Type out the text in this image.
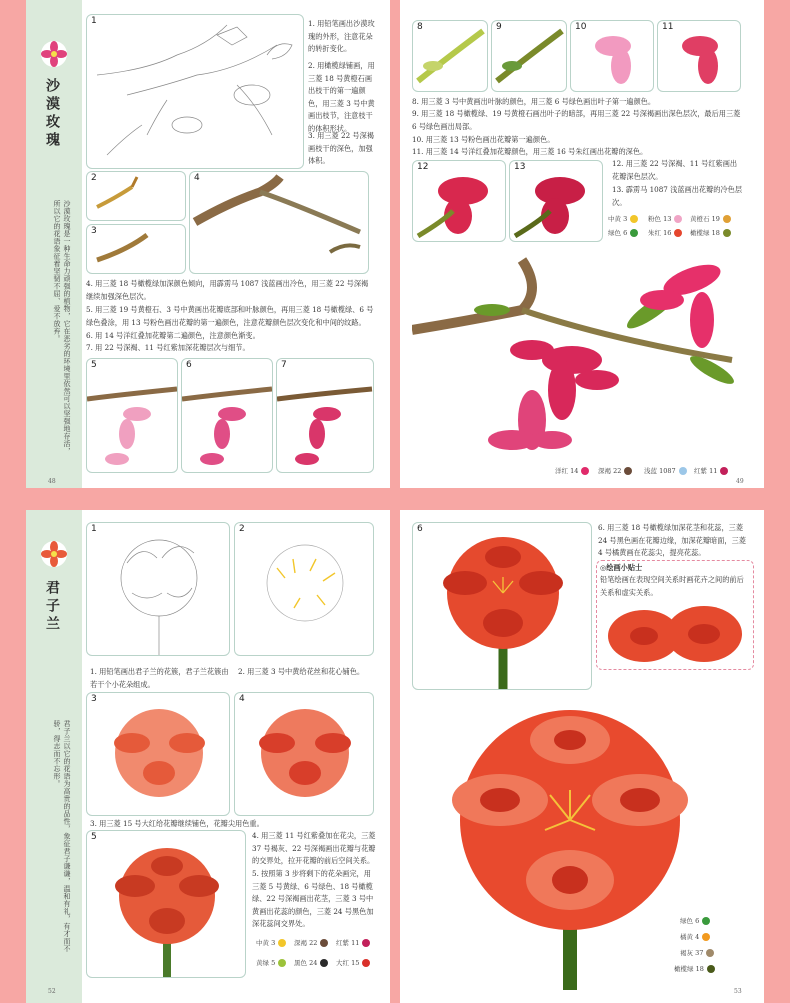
沙漠玫瑰
沙漠玫瑰是一种生命力顽强的植物，它在恶劣的环境里依然可以坚强地存活，所以它的花语象征着坚韧不屈、爱不放弃。
48
1	1. 用铅笔画出沙漠玫瑰的外形，注意花朵的转折变化。
2. 用橄榄绿铺画，用三菱 18 号黄橙石画出枝干的第一遍颜色，用三菱 3 号中黄画出枝节，注意枝干的体积形状。
3. 用三菱 22 号深褐画枝干的深色，加强体积。
2
3
4
4. 用三菱 18 号橄榄绿加深颜色倾向，用霹雳马 1087 浅蓝画出冷色，用三菱 22 号深褐继续加强深色层次。
5. 用三菱 19 号黄橙石、3 号中黄画出花瓣底部和叶脉颜色，再用三菱 18 号橄榄绿、6 号绿色叠涂，用 13 号粉色画出花瓣的第一遍颜色，注意花瓣颜色层次变化和中间的纹路。
6. 用 14 号洋红叠加花瓣第二遍颜色，注意颜色渐变。
7. 用 22 号深褐、11 号红紫加深花瓣层次与细节。
5	6	7
8	9	10	11
8. 用三菱 3 号中黄画出叶脉的颜色，用三菱 6 号绿色画出叶子第一遍颜色。
9. 用三菱 18 号橄榄绿、19 号黄橙石画出叶子的暗部，再用三菱 22 号深褐画出深色层次，最后用三菱 6 号绿色画出局部。
10. 用三菱 13 号粉色画出花瓣第一遍颜色。
11. 用三菱 14 号洋红叠加花瓣颜色，用三菱 16 号朱红画出花瓣的深色。
12	13	12. 用三菱 22 号深褐、11 号红紫画出花瓣深色层次。
13. 霹雳马 1087 浅蓝画出花瓣的冷色层次。
中黄 3	粉色 13	黄橙石 19
绿色 6	朱红 16	橄榄绿 18
洋红 14	深褐 22	浅蓝 1087	红紫 11
49
君子兰
君子兰以它的花语为高贵的品性，象征君子谦谦，温和有礼，有才而不骄，得志而不忘形。
52
1	2
1. 用铅笔画出君子兰的花簇，君子兰花簇由若干个小花朵组成。
2. 用三菱 3 号中黄给花丝和花心铺色。
3	4
3. 用三菱 15 号大红给花瓣继续铺色，花瓣尖用色重。
5	4. 用三菱 11 号红紫叠加在花尖，三菱 37 号褐灰、22 号深褐画出花瓣与花瓣的交界处，拉开花瓣的前后空间关系。
5. 按照第 3 步将剩下的花朵画完，用三菱 5 号黄绿、6 号绿色、18 号橄榄绿、22 号深褐画出花茎，三菱 3 号中黄画出花蕊的颜色，三菱 24 号黑色加深花蕊间交界处。
中黄 3	深褐 22	红紫 11
黄绿 5	黑色 24	大红 15
6	6. 用三菱 18 号橄榄绿加深花茎和花蕊，三菱 24 号黑色画在花瓣边缘，加深花瓣暗面，三菱 4 号橘黄画在花蕊尖，提亮花蕊。
◎绘画小贴士
铅笔绘画在表现空间关系时画花卉之间的前后关系和虚实关系。
绿色 6
橘黄 4
褐灰 37
橄榄绿 18
53
